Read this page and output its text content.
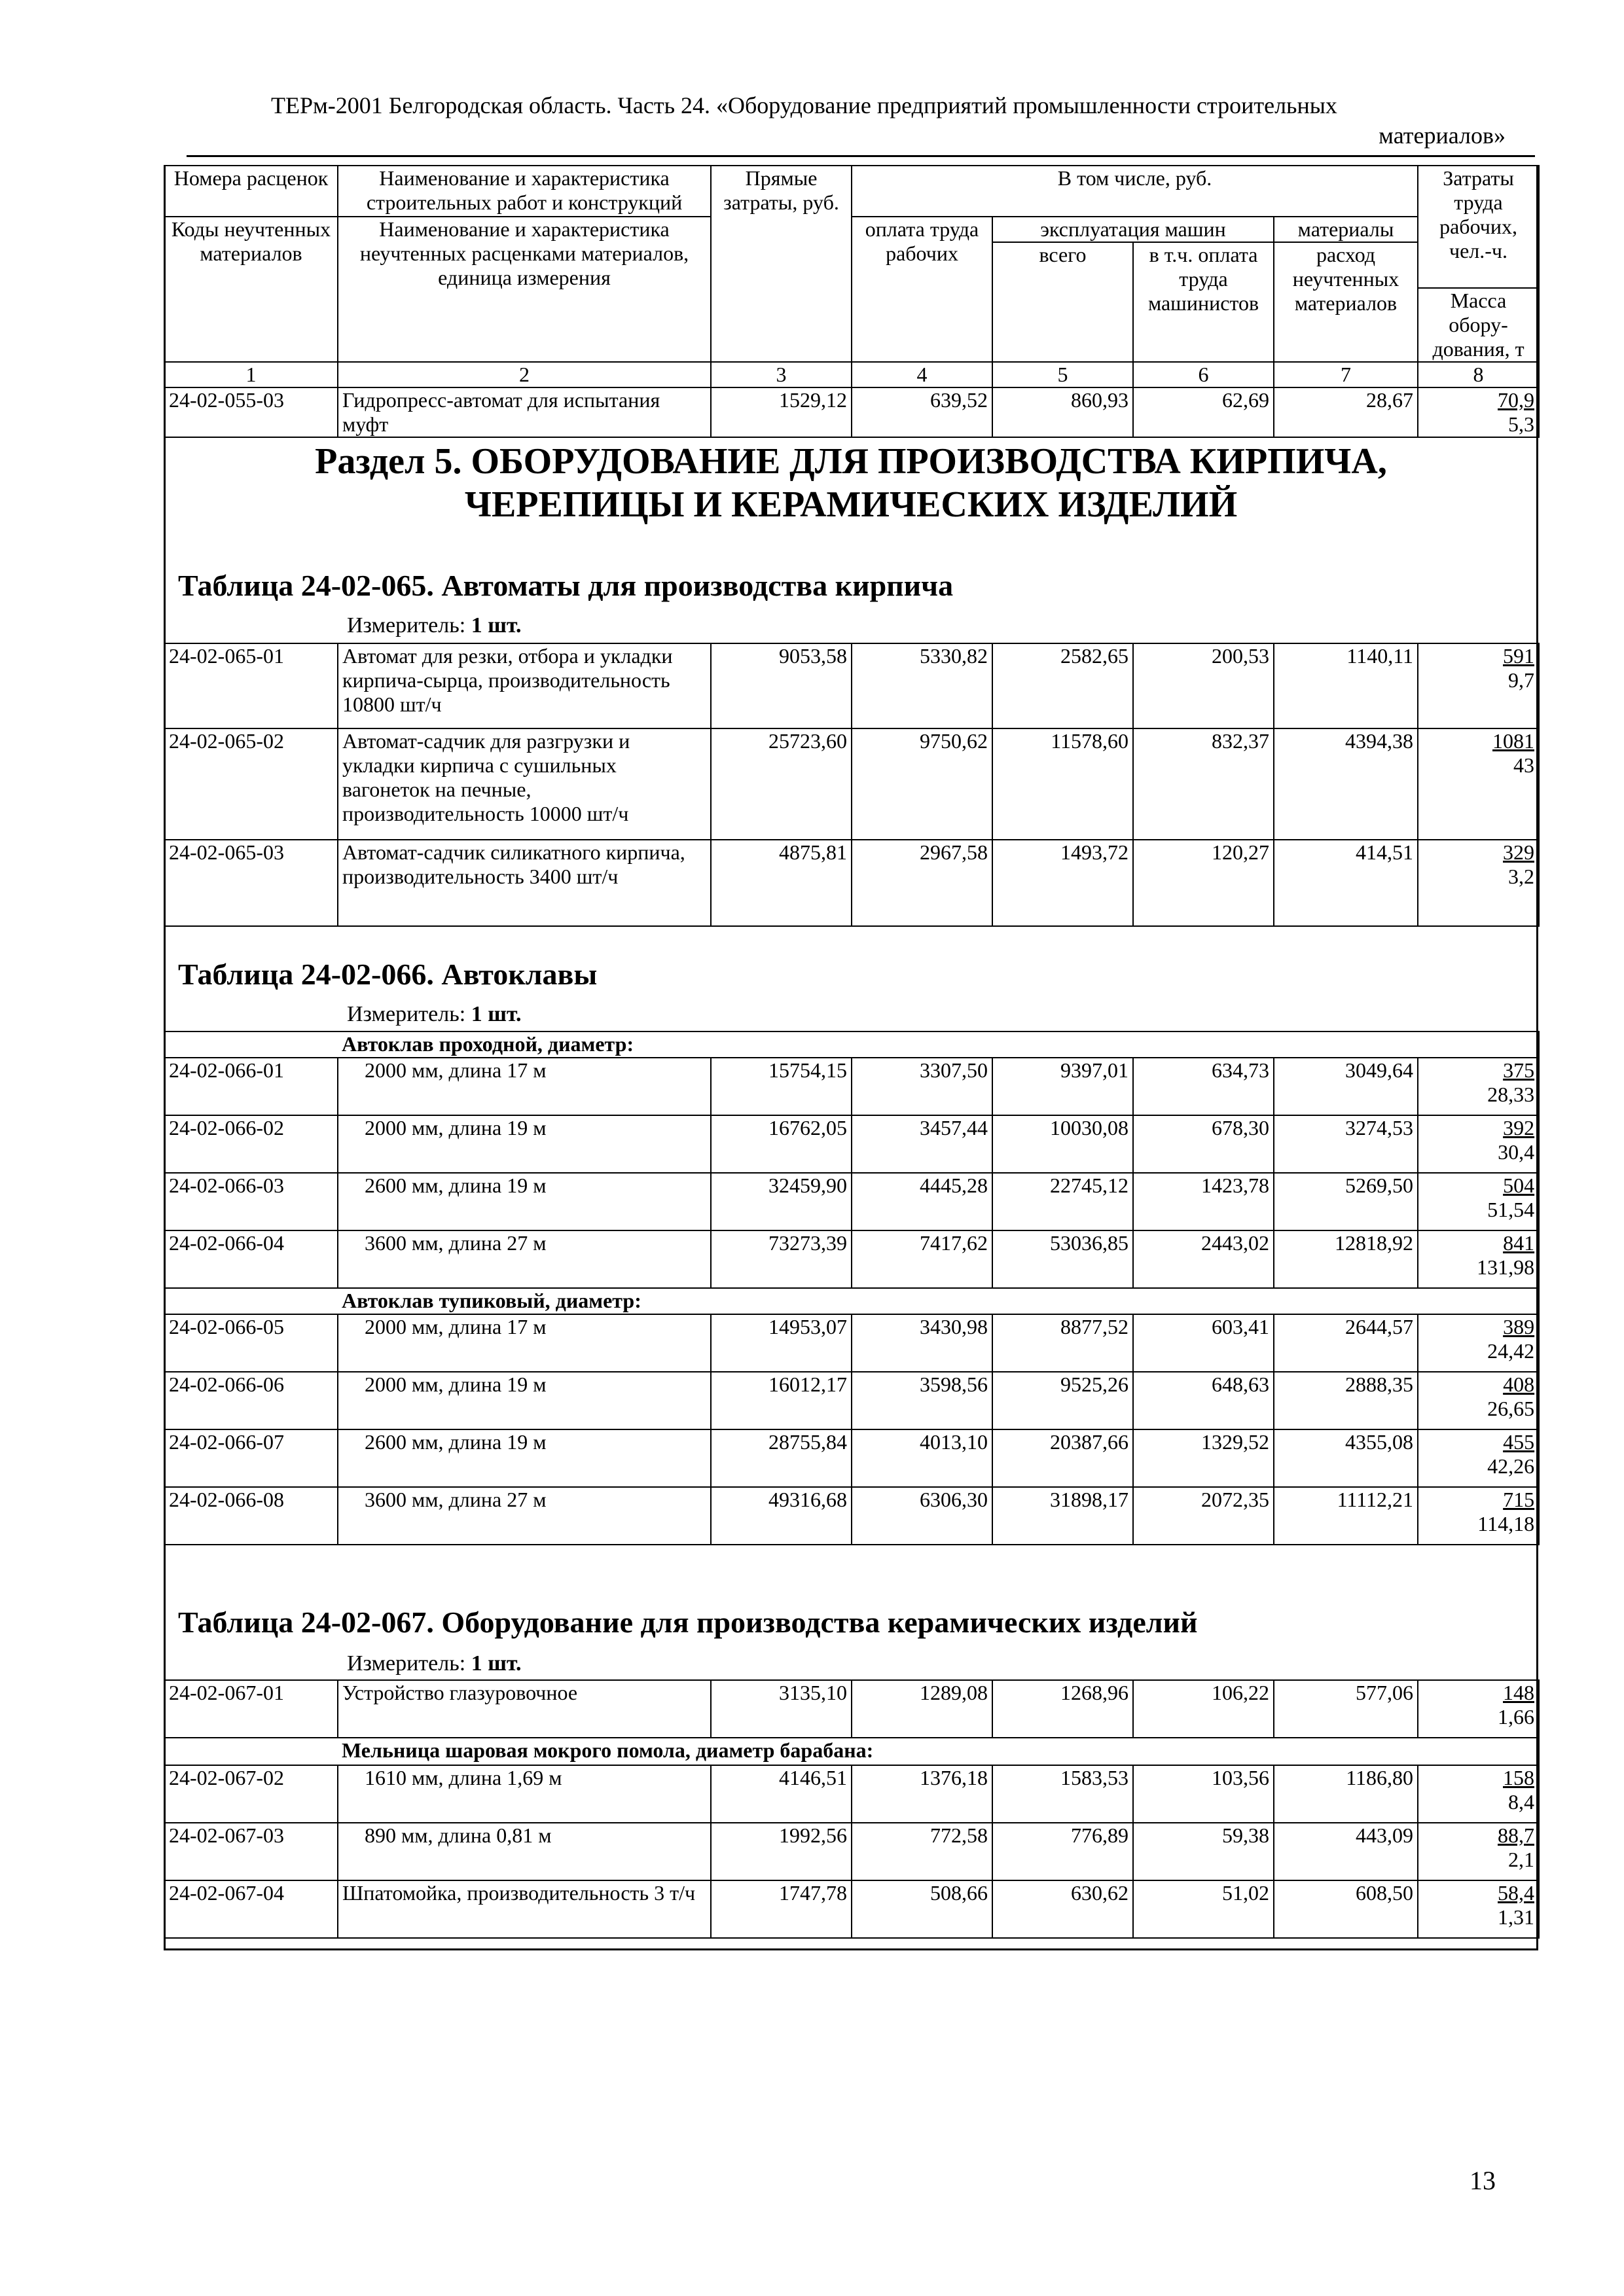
ТЕРм-2001 Белгородская область. Часть 24. «Оборудование предприятий промышленности строительных
материалов»
Номера расценок	Наименование и характеристика строительных работ и конструкций	Прямые затраты, руб.	В том числе, руб.				Затраты труда рабочих, чел.-ч.
Коды неучтенных материалов	Наименование и характеристика неучтенных расценками материалов, единица измерения		оплата труда рабочих	эксплуатация машин		материалы	
				всего	в т.ч. оплата труда машинистов	расход неучтенных материалов	
							Масса обору-дования, т
1	2	3	4	5	6	7	8
24-02-055-03	Гидропресс-автомат для испытания муфт	1529,12	639,52	860,93	62,69	28,67	70,9
5,3
Раздел 5. ОБОРУДОВАНИЕ ДЛЯ ПРОИЗВОДСТВА КИРПИЧА,
ЧЕРЕПИЦЫ И КЕРАМИЧЕСКИХ ИЗДЕЛИЙ
Таблица 24-02-065. Автоматы для производства кирпича
Измеритель: 1 шт.
24-02-065-01	Автомат для резки, отбора и укладки кирпича-сырца, производительность 10800 шт/ч	9053,58	5330,82	2582,65	200,53	1140,11	591
9,7
24-02-065-02	Автомат-садчик для разгрузки и укладки кирпича с сушильных вагонеток на печные, производительность 10000 шт/ч	25723,60	9750,62	11578,60	832,37	4394,38	1081
43
24-02-065-03	Автомат-садчик силикатного кирпича, производительность 3400 шт/ч	4875,81	2967,58	1493,72	120,27	414,51	329
3,2
Таблица 24-02-066. Автоклавы
Измеритель: 1 шт.
Автоклав проходной, диаметр:							
24-02-066-01	2000 мм, длина 17 м	15754,15	3307,50	9397,01	634,73	3049,64	375
28,33
24-02-066-02	2000 мм, длина 19 м	16762,05	3457,44	10030,08	678,30	3274,53	392
30,4
24-02-066-03	2600 мм, длина 19 м	32459,90	4445,28	22745,12	1423,78	5269,50	504
51,54
24-02-066-04	3600 мм, длина 27 м	73273,39	7417,62	53036,85	2443,02	12818,92	841
131,98
Автоклав тупиковый, диаметр:							
24-02-066-05	2000 мм, длина 17 м	14953,07	3430,98	8877,52	603,41	2644,57	389
24,42
24-02-066-06	2000 мм, длина 19 м	16012,17	3598,56	9525,26	648,63	2888,35	408
26,65
24-02-066-07	2600 мм, длина 19 м	28755,84	4013,10	20387,66	1329,52	4355,08	455
42,26
24-02-066-08	3600 мм, длина 27 м	49316,68	6306,30	31898,17	2072,35	11112,21	715
114,18
Таблица 24-02-067. Оборудование для производства керамических изделий
Измеритель: 1 шт.
24-02-067-01	Устройство глазуровочное	3135,10	1289,08	1268,96	106,22	577,06	148
1,66
Мельница шаровая мокрого помола, диаметр барабана:							
24-02-067-02	1610 мм, длина 1,69 м	4146,51	1376,18	1583,53	103,56	1186,80	158
8,4
24-02-067-03	890 мм, длина 0,81 м	1992,56	772,58	776,89	59,38	443,09	88,7
2,1
24-02-067-04	Шпатомойка, производительность 3 т/ч	1747,78	508,66	630,62	51,02	608,50	58,4
1,31
13
